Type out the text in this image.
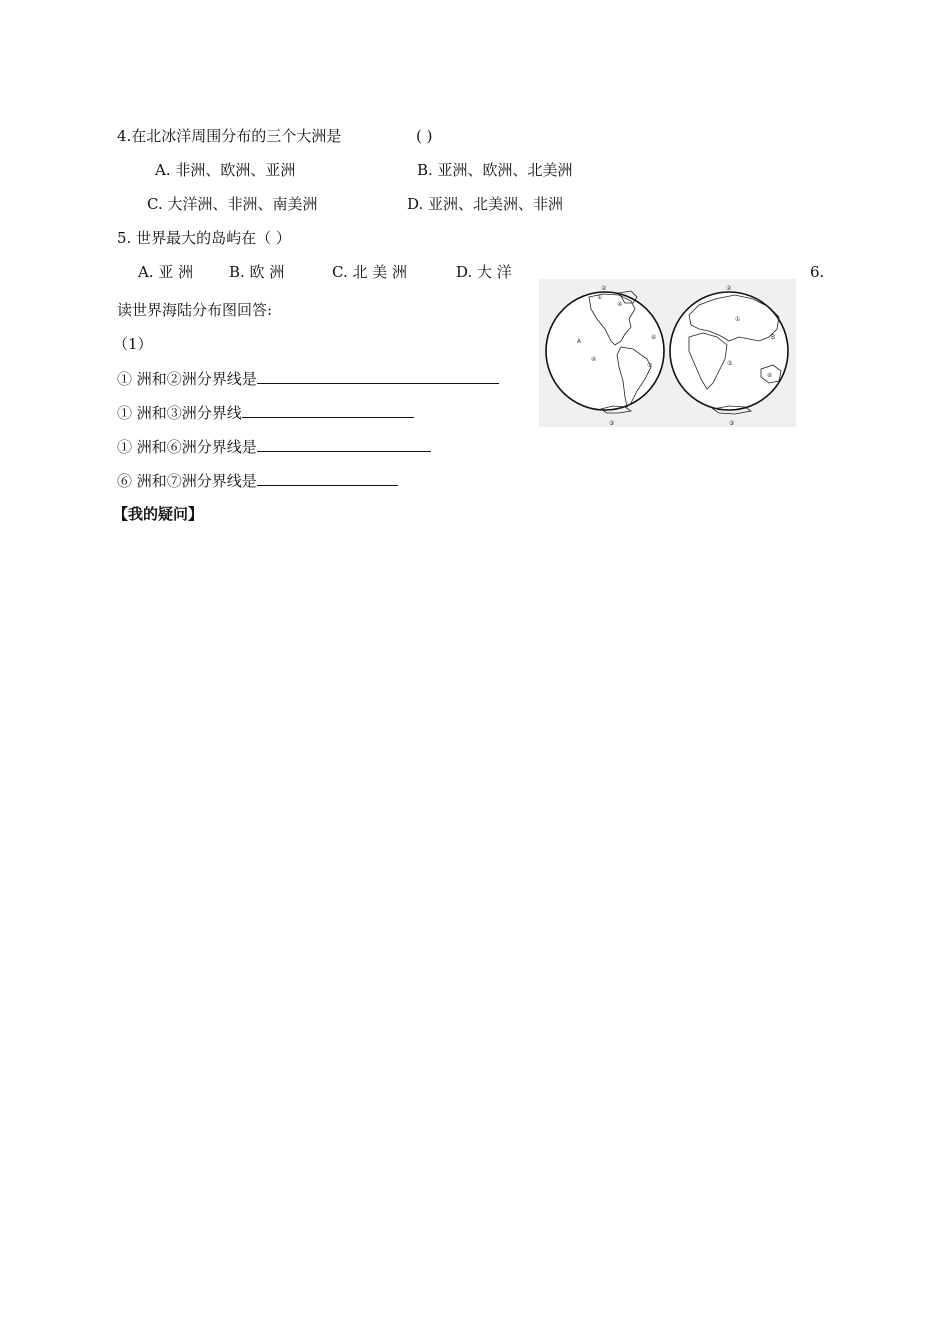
4.在北冰洋周围分布的三个大洲是	( )
A. 非洲、欧洲、亚洲	B. 亚洲、欧洲、北美洲
C. 大洋洲、非洲、南美洲	D. 亚洲、北美洲、非洲
5. 世界最大的岛屿在（ ）
A. 亚 洲 B. 欧 洲	C. 北 美 洲	D. 大 洋	6.
读世界海陆分布图回答:
（1）
① 洲和②洲分界线是
① 洲和③洲分界线
① 洲和⑥洲分界线是
⑥ 洲和⑦洲分界线是
②
①
④
⑥
A
④
⑦
③
②
①
B
⑤
⑥
③
【我的疑问】
